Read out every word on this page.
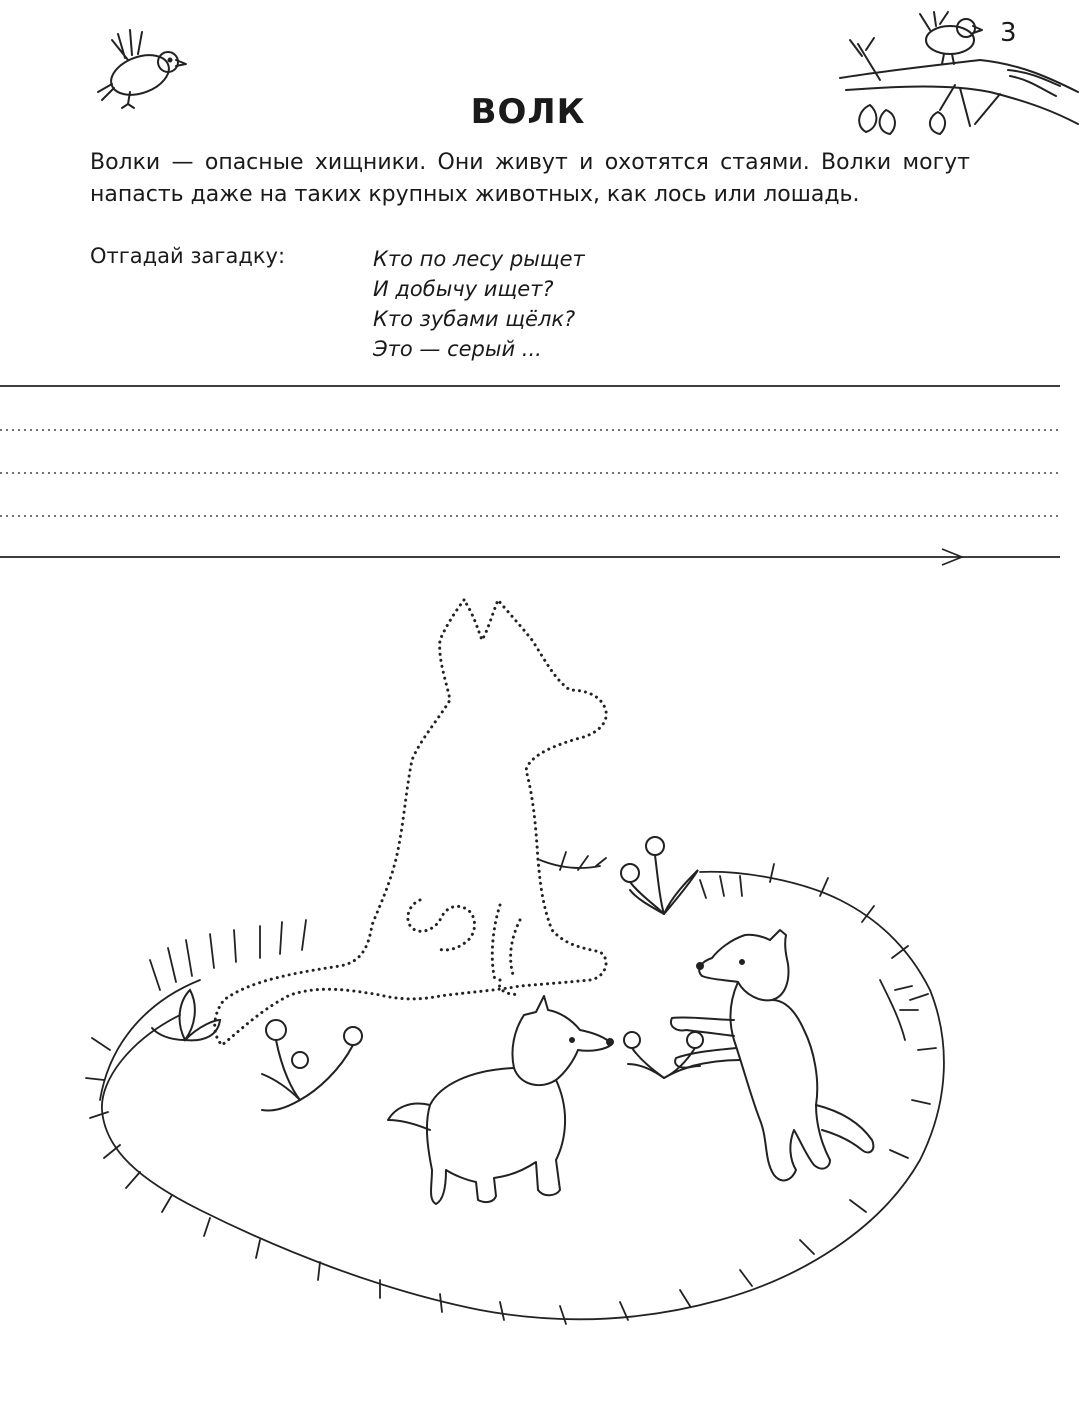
3
ВОЛК
Волки — опасные хищники. Они живут и охотятся стаями. Волки могут напасть даже на таких крупных животных, как лось или лошадь.
Отгадай загадку:	Кто по лесу рыщет
И добычу ищет?
Кто зубами щёлк?
Это — серый ...
